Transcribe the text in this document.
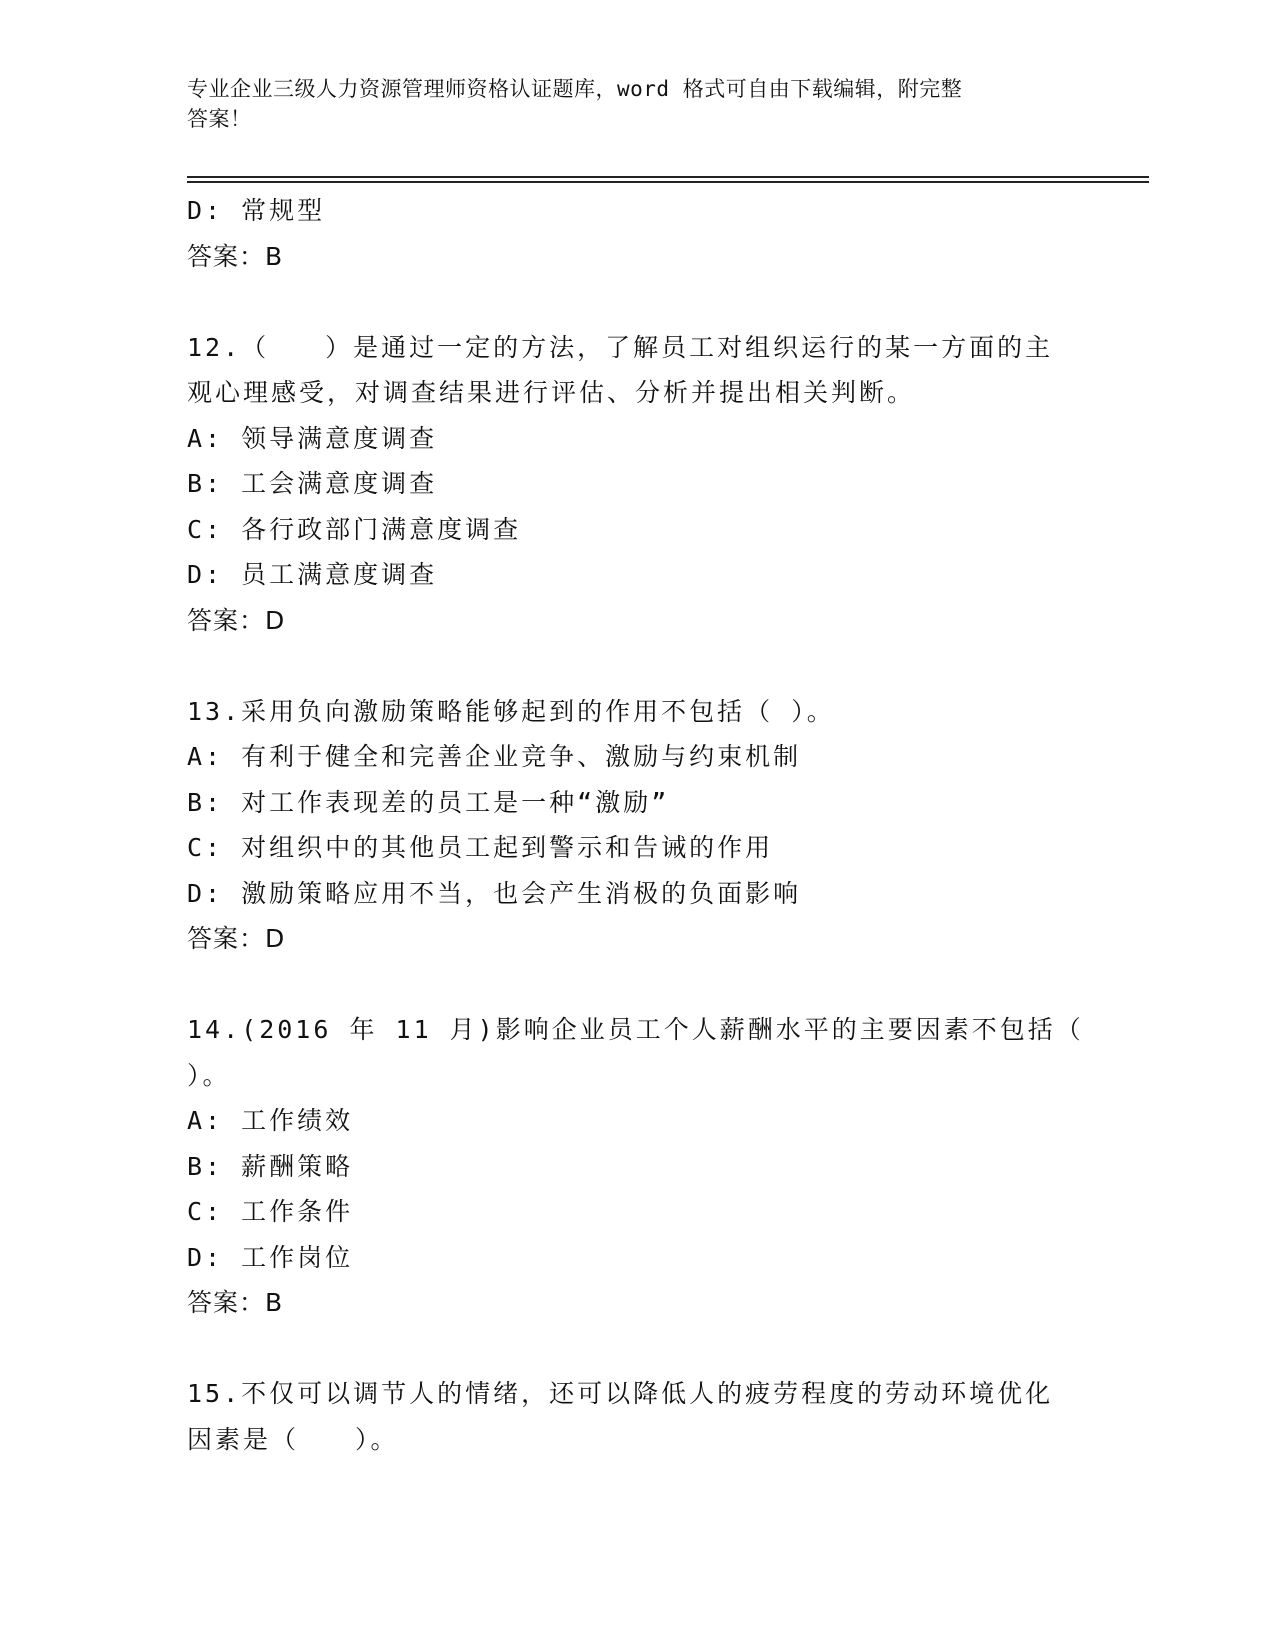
专业企业三级人力资源管理师资格认证题库，word 格式可自由下载编辑，附完整
答案！
D: 常规型
答案：B
12.（　　）是通过一定的方法，了解员工对组织运行的某一方面的主
观心理感受，对调查结果进行评估、分析并提出相关判断。
A: 领导满意度调查
B: 工会满意度调查
C: 各行政部门满意度调查
D: 员工满意度调查
答案：D
13.采用负向激励策略能够起到的作用不包括（ ）。
A: 有利于健全和完善企业竞争、激励与约束机制
B: 对工作表现差的员工是一种“激励”
C: 对组织中的其他员工起到警示和告诫的作用
D: 激励策略应用不当，也会产生消极的负面影响
答案：D
14.(2016 年 11 月)影响企业员工个人薪酬水平的主要因素不包括（
）。
A: 工作绩效
B: 薪酬策略
C: 工作条件
D: 工作岗位
答案：B
15.不仅可以调节人的情绪，还可以降低人的疲劳程度的劳动环境优化
因素是（　　）。
